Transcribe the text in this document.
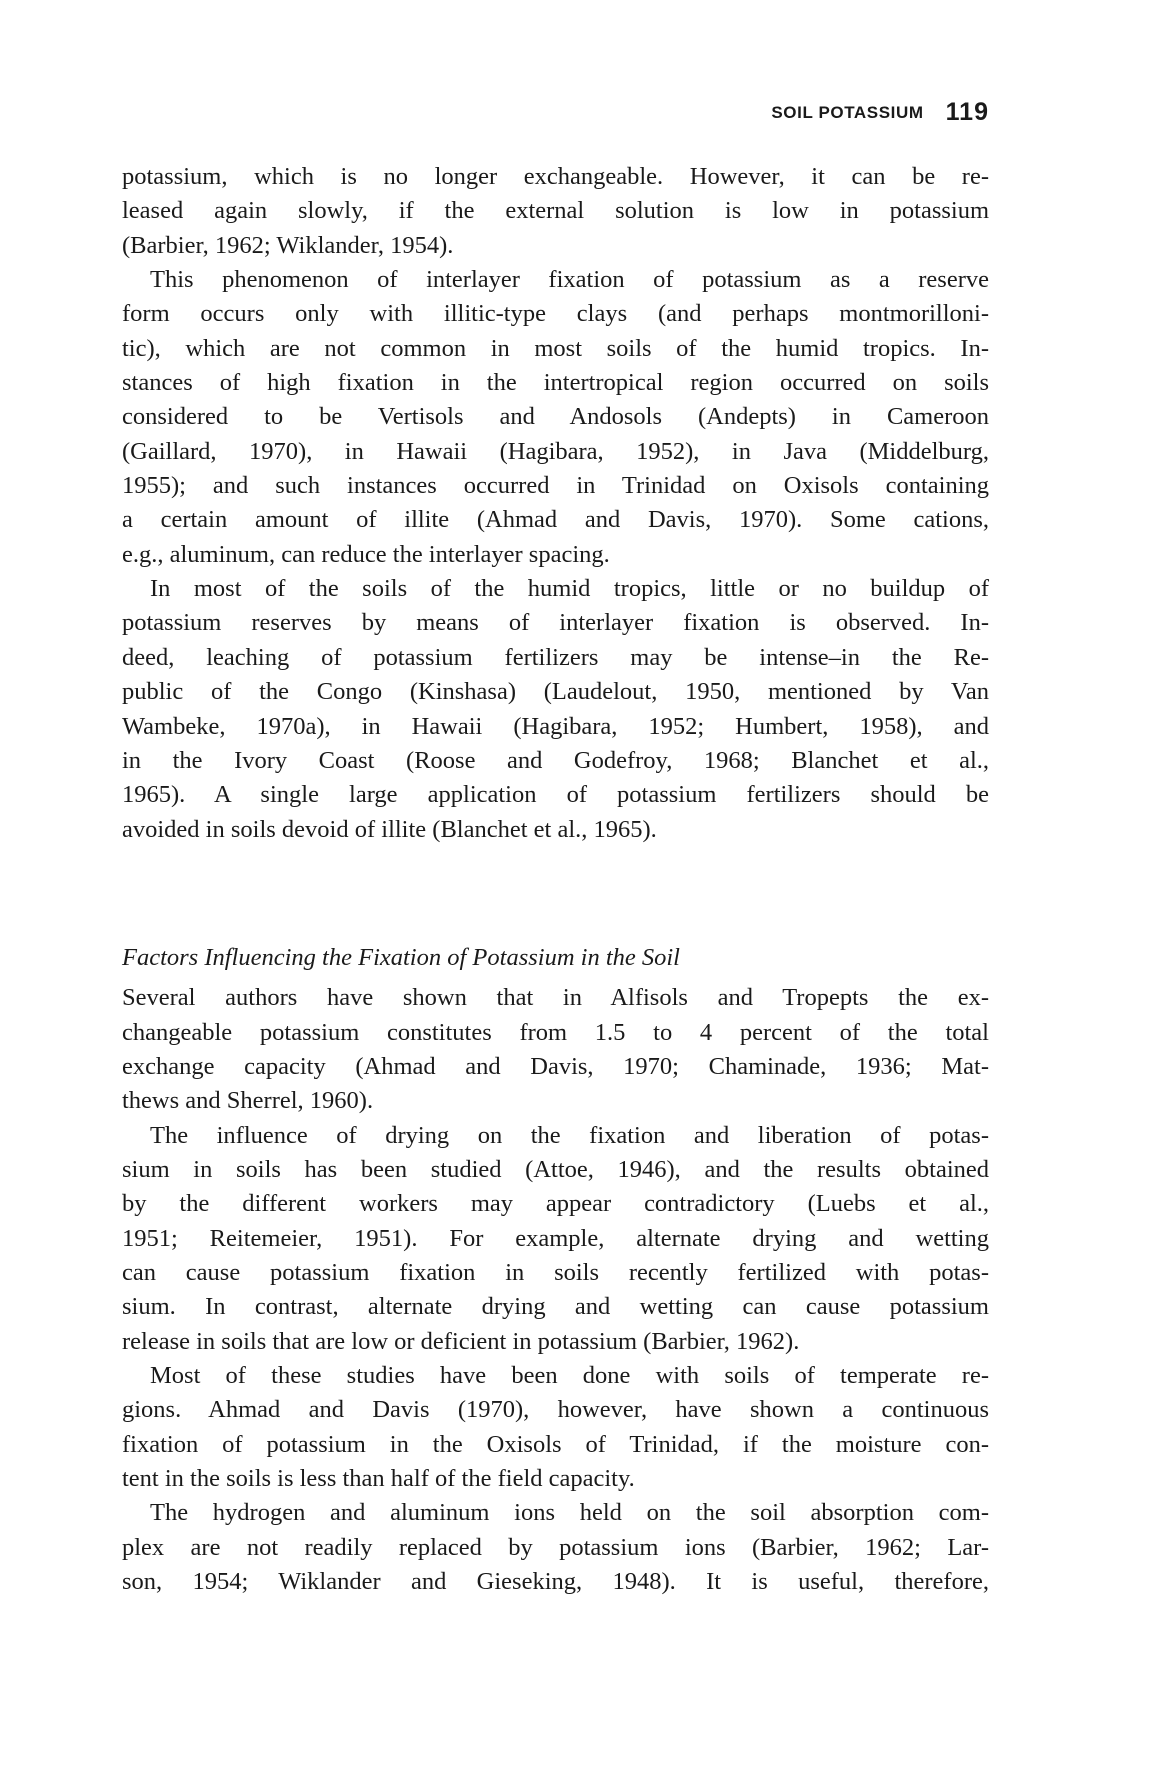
SOIL POTASSIUM 119
potassium, which is no longer exchangeable. However, it can be re-
leased again slowly, if the external solution is low in potassium
(Barbier, 1962; Wiklander, 1954).
This phenomenon of interlayer fixation of potassium as a reserve
form occurs only with illitic-type clays (and perhaps montmorilloni-
tic), which are not common in most soils of the humid tropics. In-
stances of high fixation in the intertropical region occurred on soils
considered to be Vertisols and Andosols (Andepts) in Cameroon
(Gaillard, 1970), in Hawaii (Hagibara, 1952), in Java (Middelburg,
1955); and such instances occurred in Trinidad on Oxisols containing
a certain amount of illite (Ahmad and Davis, 1970). Some cations,
e.g., aluminum, can reduce the interlayer spacing.
In most of the soils of the humid tropics, little or no buildup of
potassium reserves by means of interlayer fixation is observed. In-
deed, leaching of potassium fertilizers may be intense–in the Re-
public of the Congo (Kinshasa) (Laudelout, 1950, mentioned by Van
Wambeke, 1970a), in Hawaii (Hagibara, 1952; Humbert, 1958), and
in the Ivory Coast (Roose and Godefroy, 1968; Blanchet et al.,
1965). A single large application of potassium fertilizers should be
avoided in soils devoid of illite (Blanchet et al., 1965).
Factors Influencing the Fixation of Potassium in the Soil
Several authors have shown that in Alfisols and Tropepts the ex-
changeable potassium constitutes from 1.5 to 4 percent of the total
exchange capacity (Ahmad and Davis, 1970; Chaminade, 1936; Mat-
thews and Sherrel, 1960).
The influence of drying on the fixation and liberation of potas-
sium in soils has been studied (Attoe, 1946), and the results obtained
by the different workers may appear contradictory (Luebs et al.,
1951; Reitemeier, 1951). For example, alternate drying and wetting
can cause potassium fixation in soils recently fertilized with potas-
sium. In contrast, alternate drying and wetting can cause potassium
release in soils that are low or deficient in potassium (Barbier, 1962).
Most of these studies have been done with soils of temperate re-
gions. Ahmad and Davis (1970), however, have shown a continuous
fixation of potassium in the Oxisols of Trinidad, if the moisture con-
tent in the soils is less than half of the field capacity.
The hydrogen and aluminum ions held on the soil absorption com-
plex are not readily replaced by potassium ions (Barbier, 1962; Lar-
son, 1954; Wiklander and Gieseking, 1948). It is useful, therefore,
